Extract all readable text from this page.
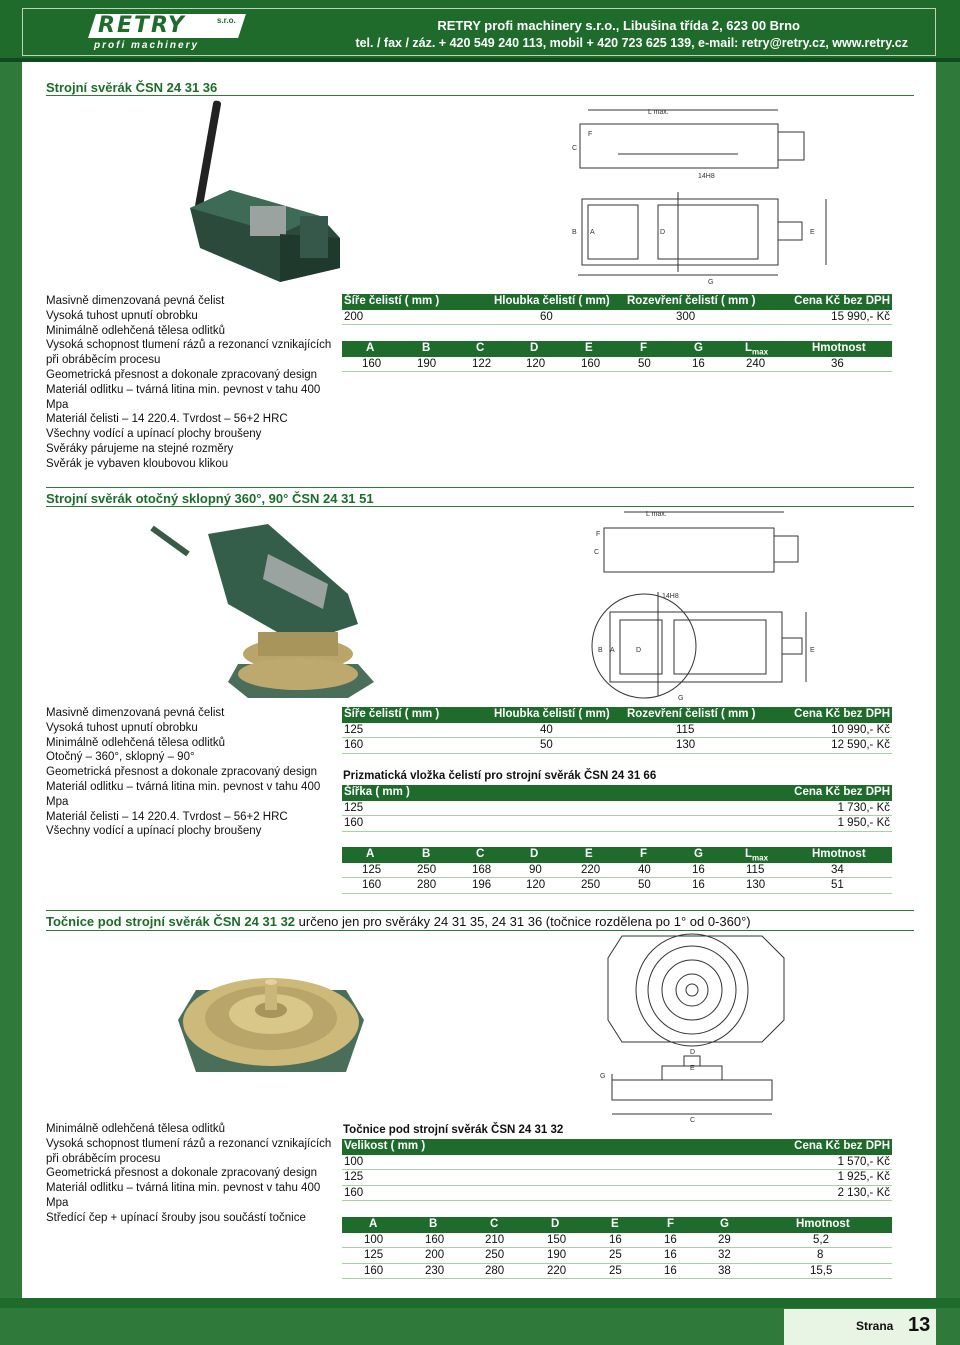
RETRY	s.r.o.
profi machinery
RETRY profi machinery s.r.o., Libušina třída 2, 623 00 Brno
tel. / fax / záz. + 420 549 240 113, mobil + 420 723 625 139, e-mail: retry@retry.cz, www.retry.cz
Strojní svěrák ČSN 24 31 36
L max.
F
C
14H8
B A	D	E
G
Masivně dimenzovaná pevná čelist
Vysoká tuhost upnutí obrobku
Minimálně odlehčená tělesa odlitků
Vysoká schopnost tlumení rázů a rezonancí vznikajících
při obráběcím procesu
Geometrická přesnost a dokonale zpracovaný design
Materiál odlitku – tvárná litina min. pevnost v tahu 400
Mpa
Materiál čelisti – 14 220.4. Tvrdost – 56+2 HRC
Všechny vodící a upínací plochy broušeny
Svěráky párujeme na stejné rozměry
Svěrák je vybaven kloubovou klikou
Šíře čelistí ( mm )	Hloubka čelistí ( mm) Rozevření čelistí ( mm )	Cena Kč bez DPH
200	60	300	15 990,- Kč
A	B	C	D	E	F	G	$L_{max}$	Hmotnost
160	190	122	120	160	50	16	240	36
Strojní svěrák otočný sklopný 360°, 90° ČSN 24 31 51
L max.
F
C
14H8
B A	D	E
G
Masivně dimenzovaná pevná čelist
Vysoká tuhost upnutí obrobku
Minimálně odlehčená tělesa odlitků
Otočný – 360°, sklopný – 90°
Geometrická přesnost a dokonale zpracovaný design
Materiál odlitku – tvárná litina min. pevnost v tahu 400
Mpa
Materiál čelisti – 14 220.4. Tvrdost – 56+2 HRC
Všechny vodící a upínací plochy broušeny
Šíře čelistí ( mm )	Hloubka čelistí ( mm) Rozevření čelistí ( mm )	Cena Kč bez DPH
125	40	115	10 990,- Kč
160	50	130	12 590,- Kč
Prizmatická vložka čelistí pro strojní svěrák ČSN 24 31 66
Šířka ( mm )	Cena Kč bez DPH
125	1 730,- Kč
160	1 950,- Kč
A	B	C	D	E	F	G	$L_{max}$	Hmotnost
125	250	168	90	220	40	16	115	34
160	280	196	120	250	50	16	130	51
Točnice pod strojní svěrák ČSN 24 31 32 určeno jen pro svěráky 24 31 35, 24 31 36 (točnice rozdělena po 1° od 0-360°)
D
E
G
C
Minimálně odlehčená tělesa odlitků
Vysoká schopnost tlumení rázů a rezonancí vznikajících
při obráběcím procesu
Geometrická přesnost a dokonale zpracovaný design
Materiál odlitku – tvárná litina min. pevnost v tahu 400
Mpa
Středící čep + upínací šrouby jsou součástí točnice
Točnice pod strojní svěrák ČSN 24 31 32
Velikost ( mm )	Cena Kč bez DPH
100	1 570,- Kč
125	1 925,- Kč
160	2 130,- Kč
A	B	C	D	E	F	G	Hmotnost
100	160	210	150	16	16	29	5,2
125	200	250	190	25	16	32	8
160	230	280	220	25	16	38	15,5
Strana 13
